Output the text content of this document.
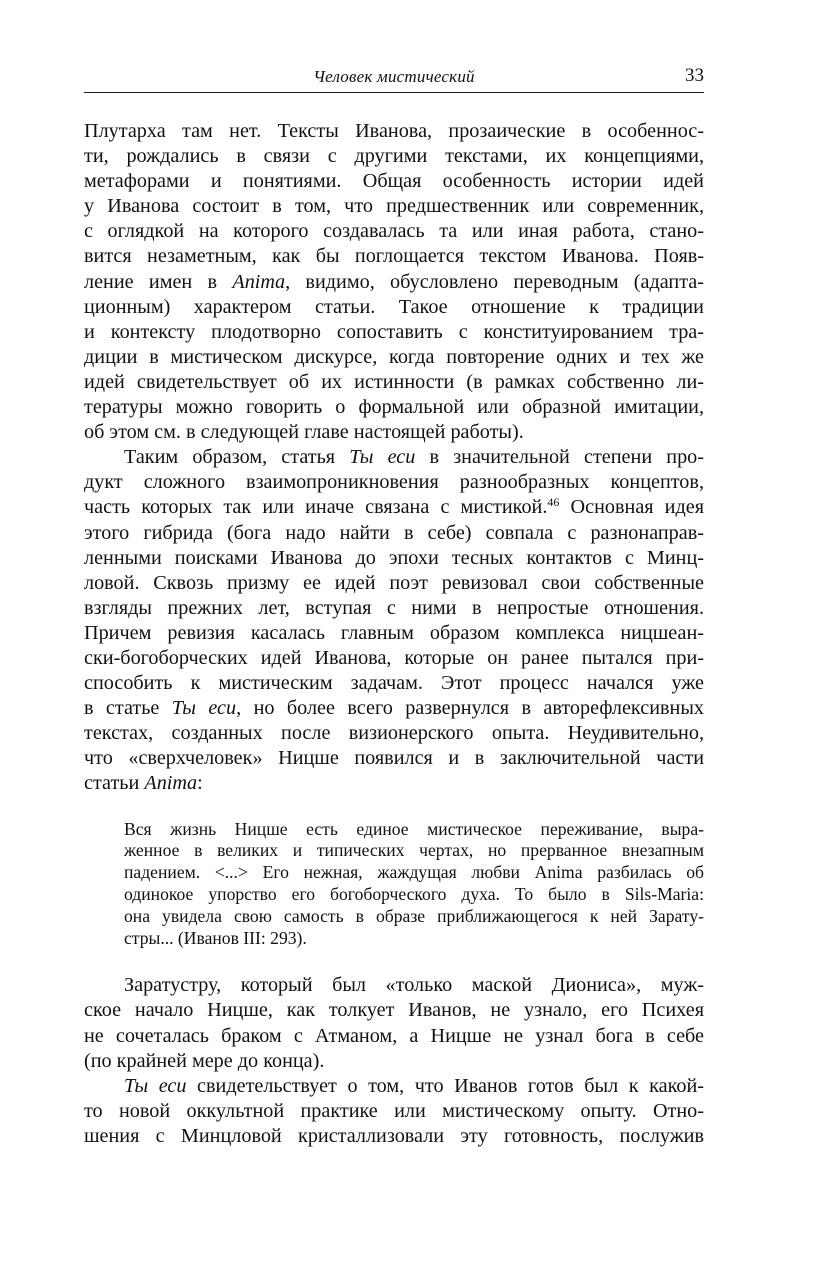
Человек мистический	33
Плутарха там нет. Тексты Иванова, прозаические в особеннос-
ти, рождались в связи с другими текстами, их концепциями,
метафорами и понятиями. Общая особенность истории идей
у Иванова состоит в том, что предшественник или современник,
с оглядкой на которого создавалась та или иная работа, стано-
вится незаметным, как бы поглощается текстом Иванова. Появ-
ление имен в Anima, видимо, обусловлено переводным (адапта-
ционным) характером статьи. Такое отношение к традиции
и контексту плодотворно сопоставить с конституированием тра-
диции в мистическом дискурсе, когда повторение одних и тех же
идей свидетельствует об их истинности (в рамках собственно ли-
тературы можно говорить о формальной или образной имитации,
об этом см. в следующей главе настоящей работы).
Таким образом, статья Ты еси в значительной степени про-
дукт сложного взаимопроникновения разнообразных концептов,
часть которых так или иначе связана с мистикой.$^{46}$ Основная идея
этого гибрида (бога надо найти в себе) совпала с разнонаправ-
ленными поисками Иванова до эпохи тесных контактов с Минц-
ловой. Сквозь призму ее идей поэт ревизовал свои собственные
взгляды прежних лет, вступая с ними в непростые отношения.
Причем ревизия касалась главным образом комплекса ницшеан-
ски-богоборческих идей Иванова, которые он ранее пытался при-
способить к мистическим задачам. Этот процесс начался уже
в статье Ты еси, но более всего развернулся в авторефлексивных
текстах, созданных после визионерского опыта. Неудивительно,
что «сверхчеловек» Ницше появился и в заключительной части
статьи Anima:
Вся жизнь Ницше есть единое мистическое переживание, выра-
женное в великих и типических чертах, но прерванное внезапным
падением. <...> Его нежная, жаждущая любви Anima разбилась об
одинокое упорство его богоборческого духа. То было в Sils-Maria:
она увидела свою самость в образе приближающегося к ней Зарату-
стры... (Иванов III: 293).
Заратустру, который был «только маской Диониса», муж-
ское начало Ницше, как толкует Иванов, не узнало, его Психея
не сочеталась браком с Атманом, а Ницше не узнал бога в себе
(по крайней мере до конца).
Ты еси свидетельствует о том, что Иванов готов был к какой-
то новой оккультной практике или мистическому опыту. Отно-
шения с Минцловой кристаллизовали эту готовность, послужив
